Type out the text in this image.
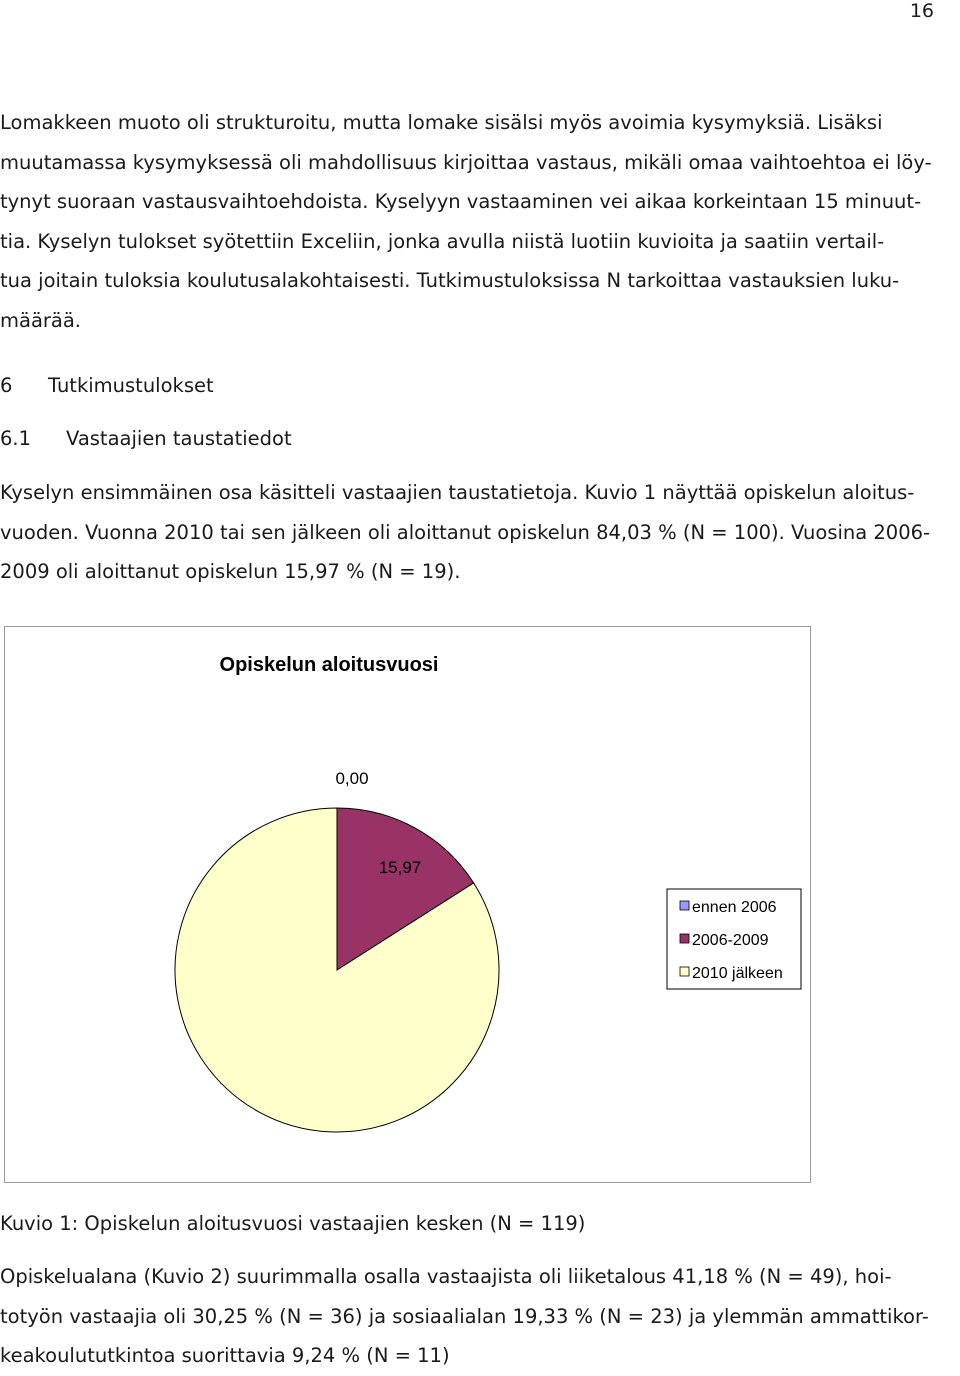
16

Lomakkeen muoto oli strukturoitu, mutta lomake sisälsi myös avoimia kysymyksiä. Lisäksi
muutamassa kysymyksessä oli mahdollisuus kirjoittaa vastaus, mikäli omaa vaihtoehtoa ei löy-
tynyt suoraan vastausvaihtoehdoista. Kyselyyn vastaaminen vei aikaa korkeintaan 15 minuut-
tia. Kyselyn tulokset syötettiin Exceliin, jonka avulla niistä luotiin kuvioita ja saatiin vertail-
tua joitain tuloksia koulutusalakohtaisesti. Tutkimustuloksissa N tarkoittaa vastauksien luku-
määrää.

6 Tutkimustulokset
6.1 Vastaajien taustatiedot

Kyselyn ensimmäinen osa käsitteli vastaajien taustatietoja. Kuvio 1 näyttää opiskelun aloitus-
vuoden. Vuonna 2010 tai sen jälkeen oli aloittanut opiskelun 84,03 % (N = 100). Vuosina 2006-
2009 oli aloittanut opiskelun 15,97 % (N = 19).

Opiskelun aloitusvuosi
0,00
15,97
ennen 2006
2006-2009
2010 jälkeen
Kuvio 1: Opiskelun aloitusvuosi vastaajien kesken (N = 119)

Opiskelualana (Kuvio 2) suurimmalla osalla vastaajista oli liiketalous 41,18 % (N = 49), hoi-
totyön vastaajia oli 30,25 % (N = 36) ja sosiaalialan 19,33 % (N = 23) ja ylemmän ammattikor-
keakoulututkintoa suorittavia 9,24 % (N = 11)
